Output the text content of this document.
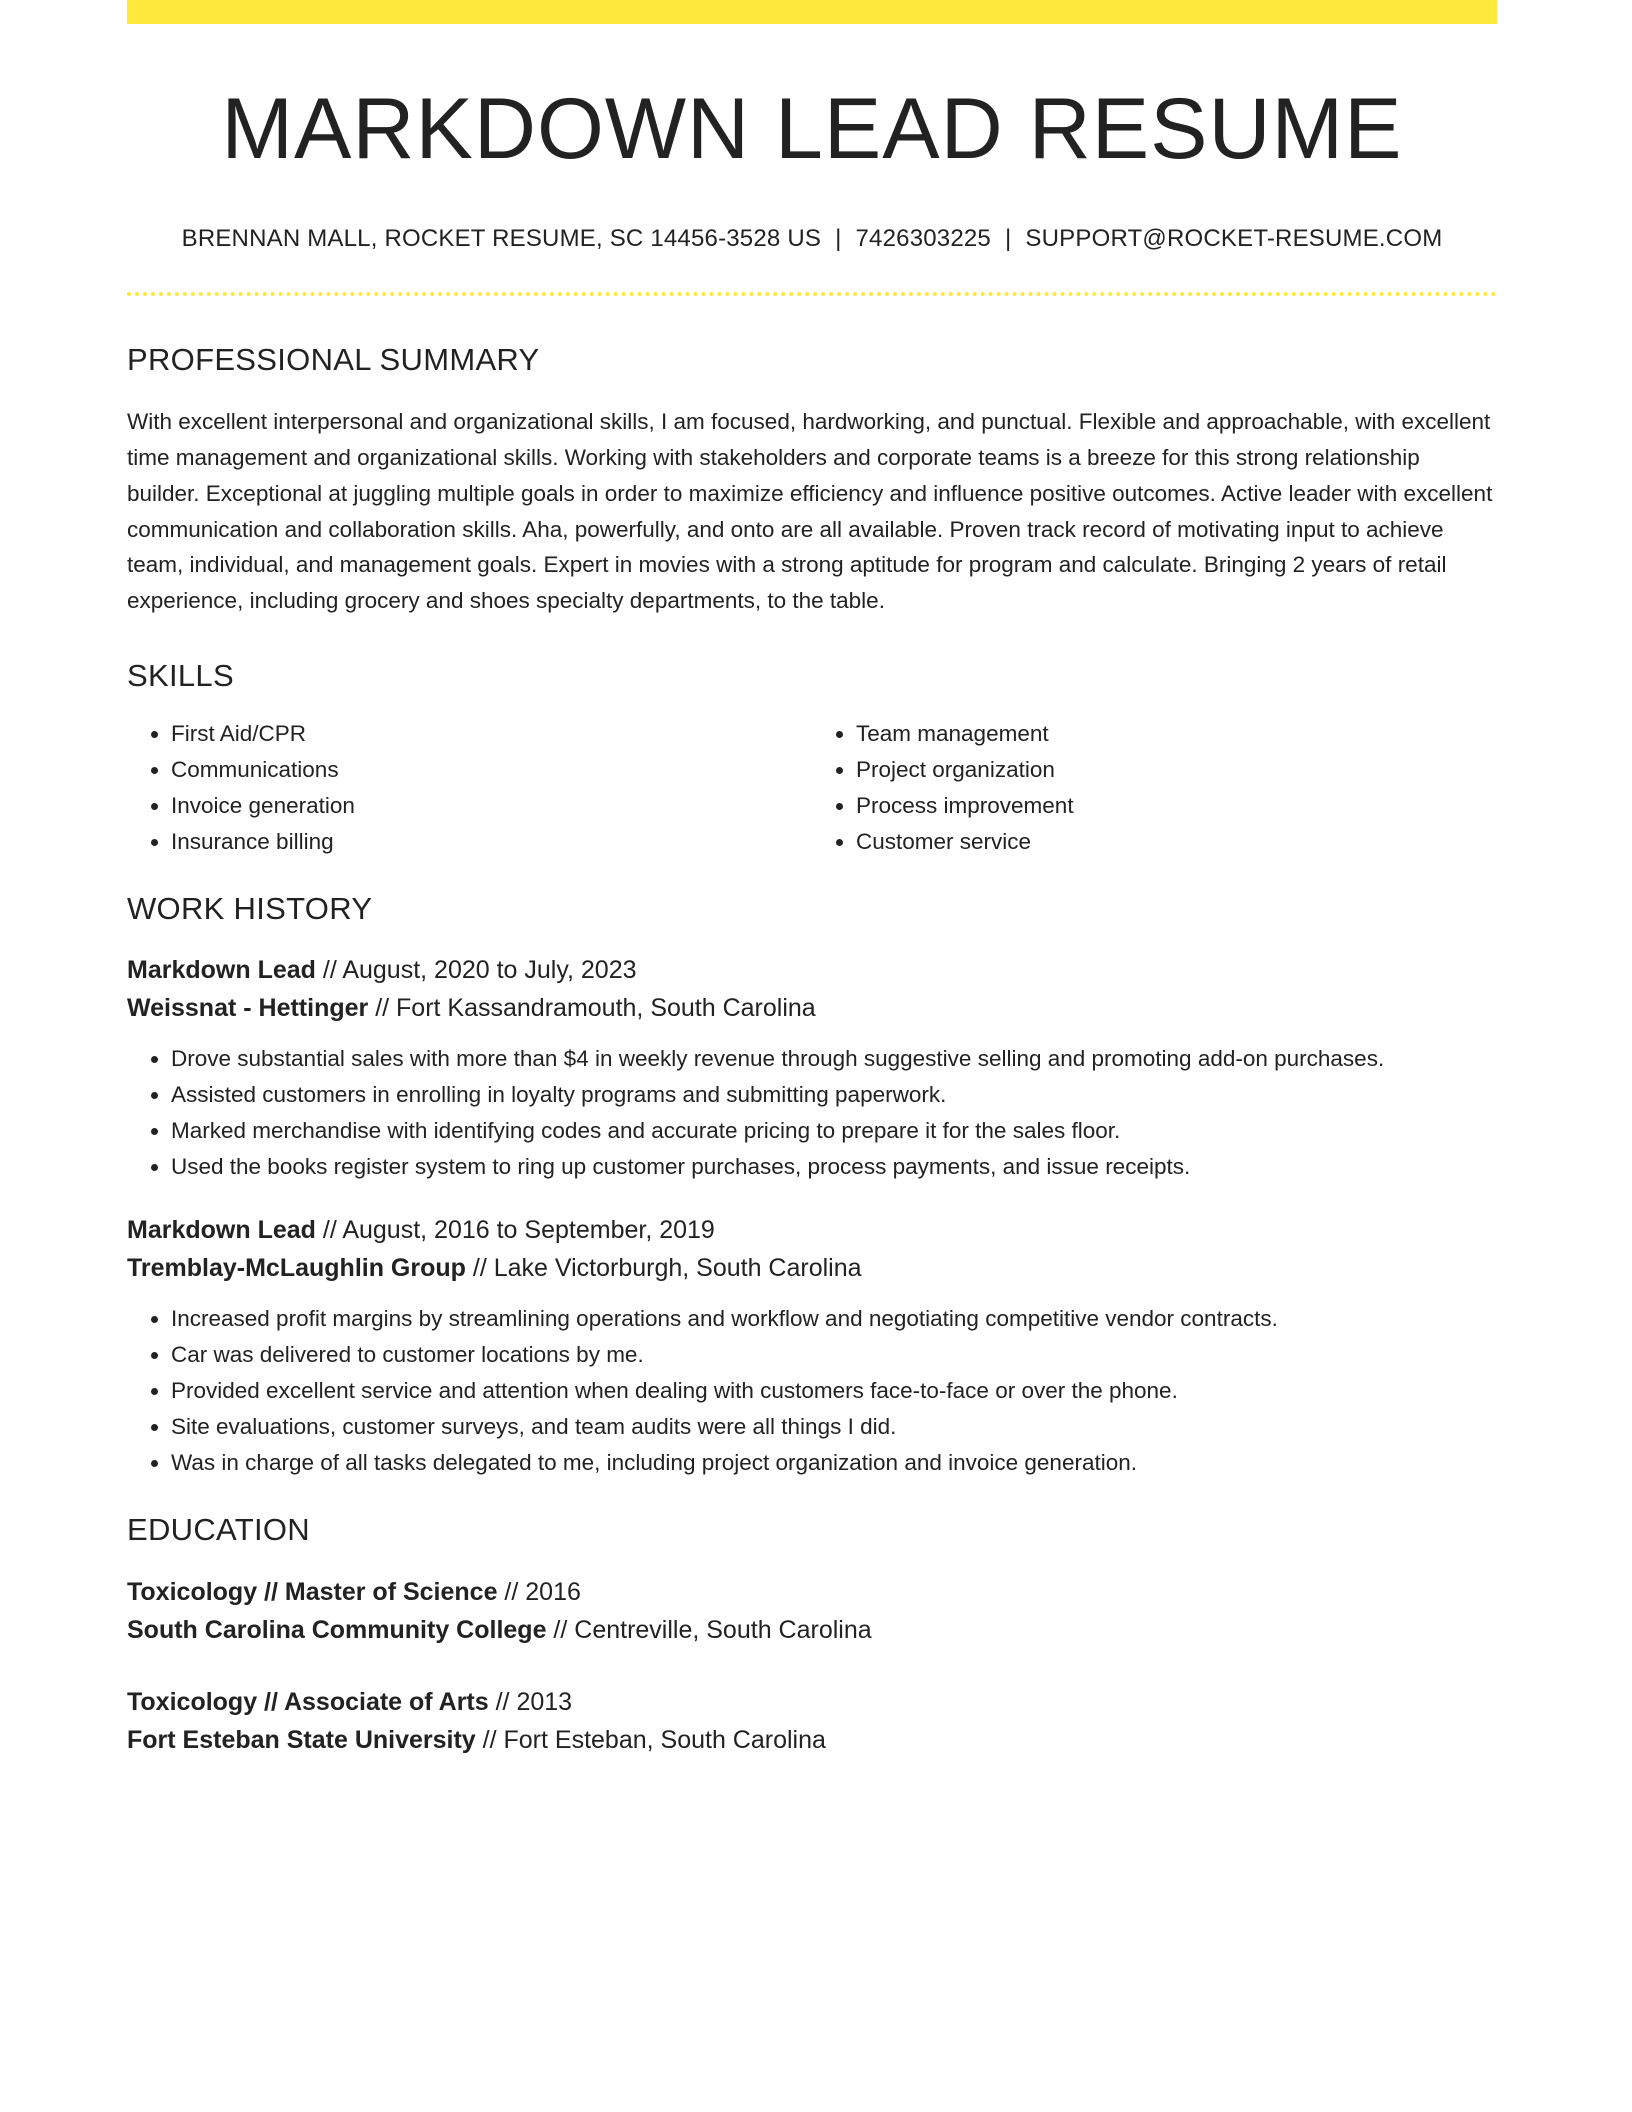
MARKDOWN LEAD RESUME
BRENNAN MALL, ROCKET RESUME, SC 14456-3528 US | 7426303225 | SUPPORT@ROCKET-RESUME.COM
PROFESSIONAL SUMMARY

With excellent interpersonal and organizational skills, I am focused, hardworking, and punctual. Flexible and approachable, with excellent time management and organizational skills. Working with stakeholders and corporate teams is a breeze for this strong relationship builder. Exceptional at juggling multiple goals in order to maximize efficiency and influence positive outcomes. Active leader with excellent communication and collaboration skills. Aha, powerfully, and onto are all available. Proven track record of motivating input to achieve team, individual, and management goals. Expert in movies with a strong aptitude for program and calculate. Bringing 2 years of retail experience, including grocery and shoes specialty departments, to the table.

SKILLS
• First Aid/CPR
• Communications
• Invoice generation
• Insurance billing
• Team management
• Project organization
• Process improvement
• Customer service
WORK HISTORY
Markdown Lead // August, 2020 to July, 2023
Weissnat - Hettinger // Fort Kassandramouth, South Carolina
• Drove substantial sales with more than $4 in weekly revenue through suggestive selling and promoting add-on purchases.
• Assisted customers in enrolling in loyalty programs and submitting paperwork.
• Marked merchandise with identifying codes and accurate pricing to prepare it for the sales floor.
• Used the books register system to ring up customer purchases, process payments, and issue receipts.
Markdown Lead // August, 2016 to September, 2019
Tremblay-McLaughlin Group // Lake Victorburgh, South Carolina
• Increased profit margins by streamlining operations and workflow and negotiating competitive vendor contracts.
• Car was delivered to customer locations by me.
• Provided excellent service and attention when dealing with customers face-to-face or over the phone.
• Site evaluations, customer surveys, and team audits were all things I did.
• Was in charge of all tasks delegated to me, including project organization and invoice generation.
EDUCATION
Toxicology // Master of Science // 2016
South Carolina Community College // Centreville, South Carolina
Toxicology // Associate of Arts // 2013
Fort Esteban State University // Fort Esteban, South Carolina
